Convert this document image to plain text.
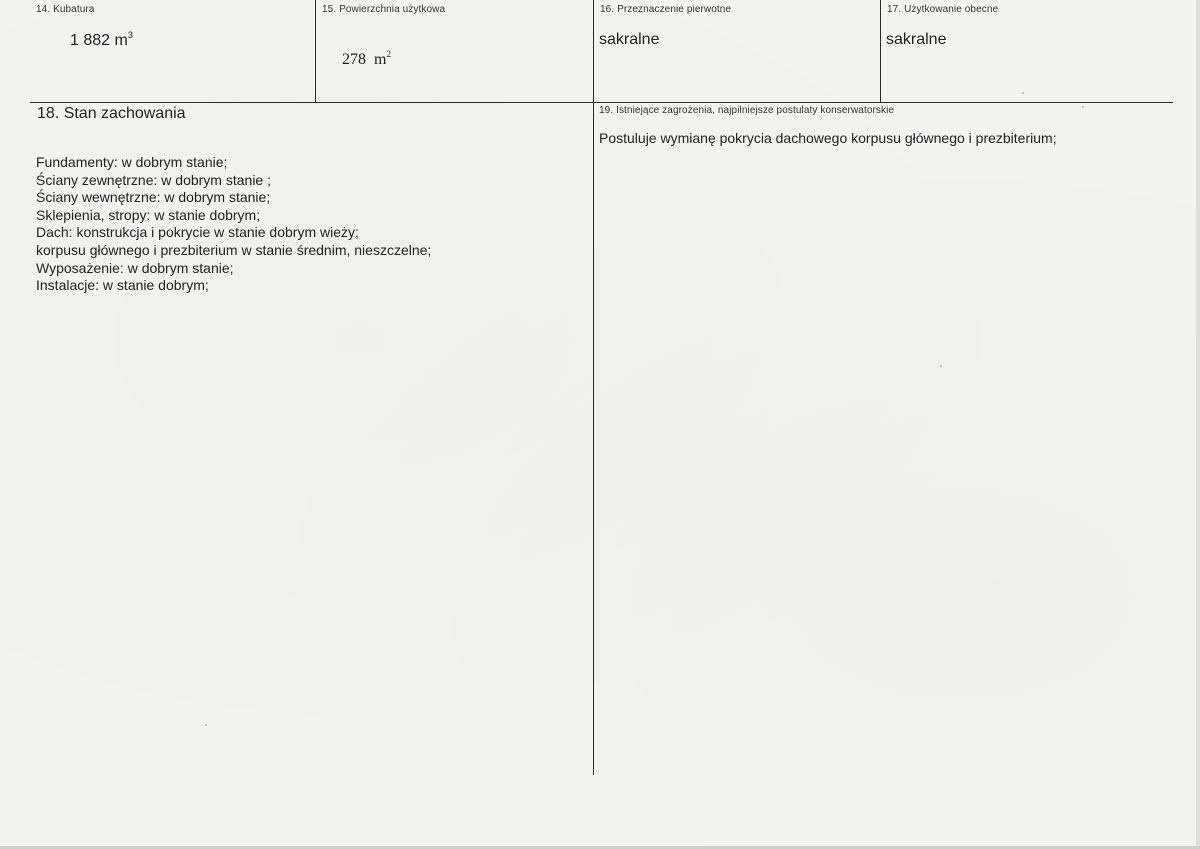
14. Kubatura
1 882 $m^3$
15. Powierzchnia użytkowa

278  $m^2$

16. Przeznaczenie pierwotne
sakralne
17. Użytkowanie obecne
sakralne
18. Stan zachowania
Fundamenty: w dobrym stanie;
Ściany zewnętrzne: w dobrym stanie ;
Ściany wewnętrzne: w dobrym stanie;
Sklepienia, stropy: w stanie dobrym;
Dach: konstrukcja i pokrycie w stanie dobrym wieży;
korpusu głównego i prezbiterium w stanie średnim, nieszczelne;
Wyposażenie: w dobrym stanie;
Instalacje: w stanie dobrym;
19. Istniejące zagrożenia, najpilniejsze postulaty konserwatorskie
Postuluje wymianę pokrycia dachowego korpusu głównego i prezbiterium;
